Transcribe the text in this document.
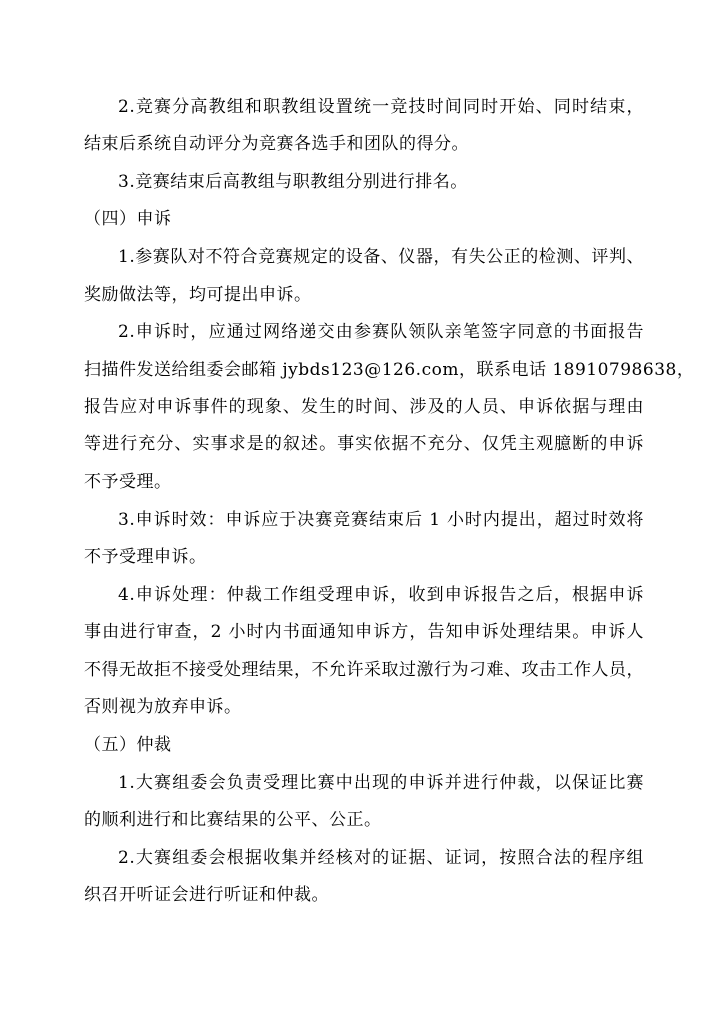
2.竞赛分高教组和职教组设置统一竞技时间同时开始、同时结束，
结束后系统自动评分为竞赛各选手和团队的得分。
3.竞赛结束后高教组与职教组分别进行排名。
（四）申诉
1.参赛队对不符合竞赛规定的设备、仪器，有失公正的检测、评判、
奖励做法等，均可提出申诉。
2.申诉时，应通过网络递交由参赛队领队亲笔签字同意的书面报告
扫描件发送给组委会邮箱 jybds123@126.com，联系电话 18910798638，
报告应对申诉事件的现象、发生的时间、涉及的人员、申诉依据与理由
等进行充分、实事求是的叙述。事实依据不充分、仅凭主观臆断的申诉
不予受理。
3.申诉时效：申诉应于决赛竞赛结束后 1 小时内提出，超过时效将
不予受理申诉。
4.申诉处理：仲裁工作组受理申诉，收到申诉报告之后，根据申诉
事由进行审查，2 小时内书面通知申诉方，告知申诉处理结果。申诉人
不得无故拒不接受处理结果，不允许采取过激行为刁难、攻击工作人员，
否则视为放弃申诉。
（五）仲裁
1.大赛组委会负责受理比赛中出现的申诉并进行仲裁，以保证比赛
的顺利进行和比赛结果的公平、公正。
2.大赛组委会根据收集并经核对的证据、证词，按照合法的程序组
织召开听证会进行听证和仲裁。
